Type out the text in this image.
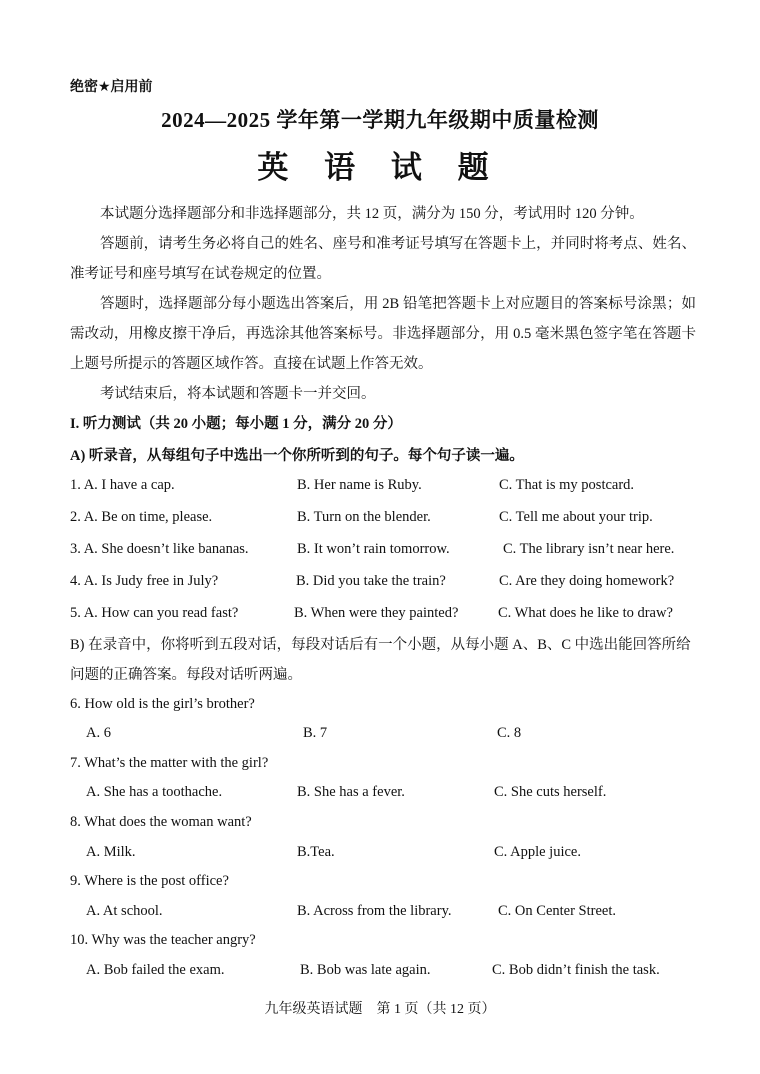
绝密★启用前
2024—2025 学年第一学期九年级期中质量检测
英 语 试 题

本试题分选择题部分和非选择题部分，共 12 页，满分为 150 分，考试用时 120 分钟。

答题前，请考生务必将自己的姓名、座号和准考证号填写在答题卡上，并同时将考点、姓名、准考证号和座号填写在试卷规定的位置。

答题时，选择题部分每小题选出答案后，用 2B 铅笔把答题卡上对应题目的答案标号涂黑；如需改动，用橡皮擦干净后，再选涂其他答案标号。非选择题部分，用 0.5 毫米黑色签字笔在答题卡上题号所提示的答题区域作答。直接在试题上作答无效。

考试结束后，将本试题和答题卡一并交回。

I. 听力测试（共 20 小题；每小题 1 分，满分 20 分）
A) 听录音，从每组句子中选出一个你所听到的句子。每个句子读一遍。
1. A. I have a cap.	B. Her name is Ruby.	C. That is my postcard.
2. A. Be on time, please.	B. Turn on the blender.	C. Tell me about your trip.
3. A. She doesn’t like bananas.	B. It won’t rain tomorrow.	C. The library isn’t near here.
4. A. Is Judy free in July?	B. Did you take the train?	C. Are they doing homework?
5. A. How can you read fast?	B. When were they painted?	C. What does he like to draw?
B) 在录音中，你将听到五段对话，每段对话后有一个小题，从每小题 A、B、C 中选出能回答所给问题的正确答案。每段对话听两遍。
6. How old is the girl’s brother?
A. 6	B. 7	C. 8
7. What’s the matter with the girl?
A. She has a toothache.	B. She has a fever.	C. She cuts herself.
8. What does the woman want?
A. Milk.	B.Tea.	C. Apple juice.
9. Where is the post office?
A. At school.	B. Across from the library.	C. On Center Street.
10. Why was the teacher angry?
A. Bob failed the exam.	B. Bob was late again.	C. Bob didn’t finish the task.
九年级英语试题　第 1 页（共 12 页）
